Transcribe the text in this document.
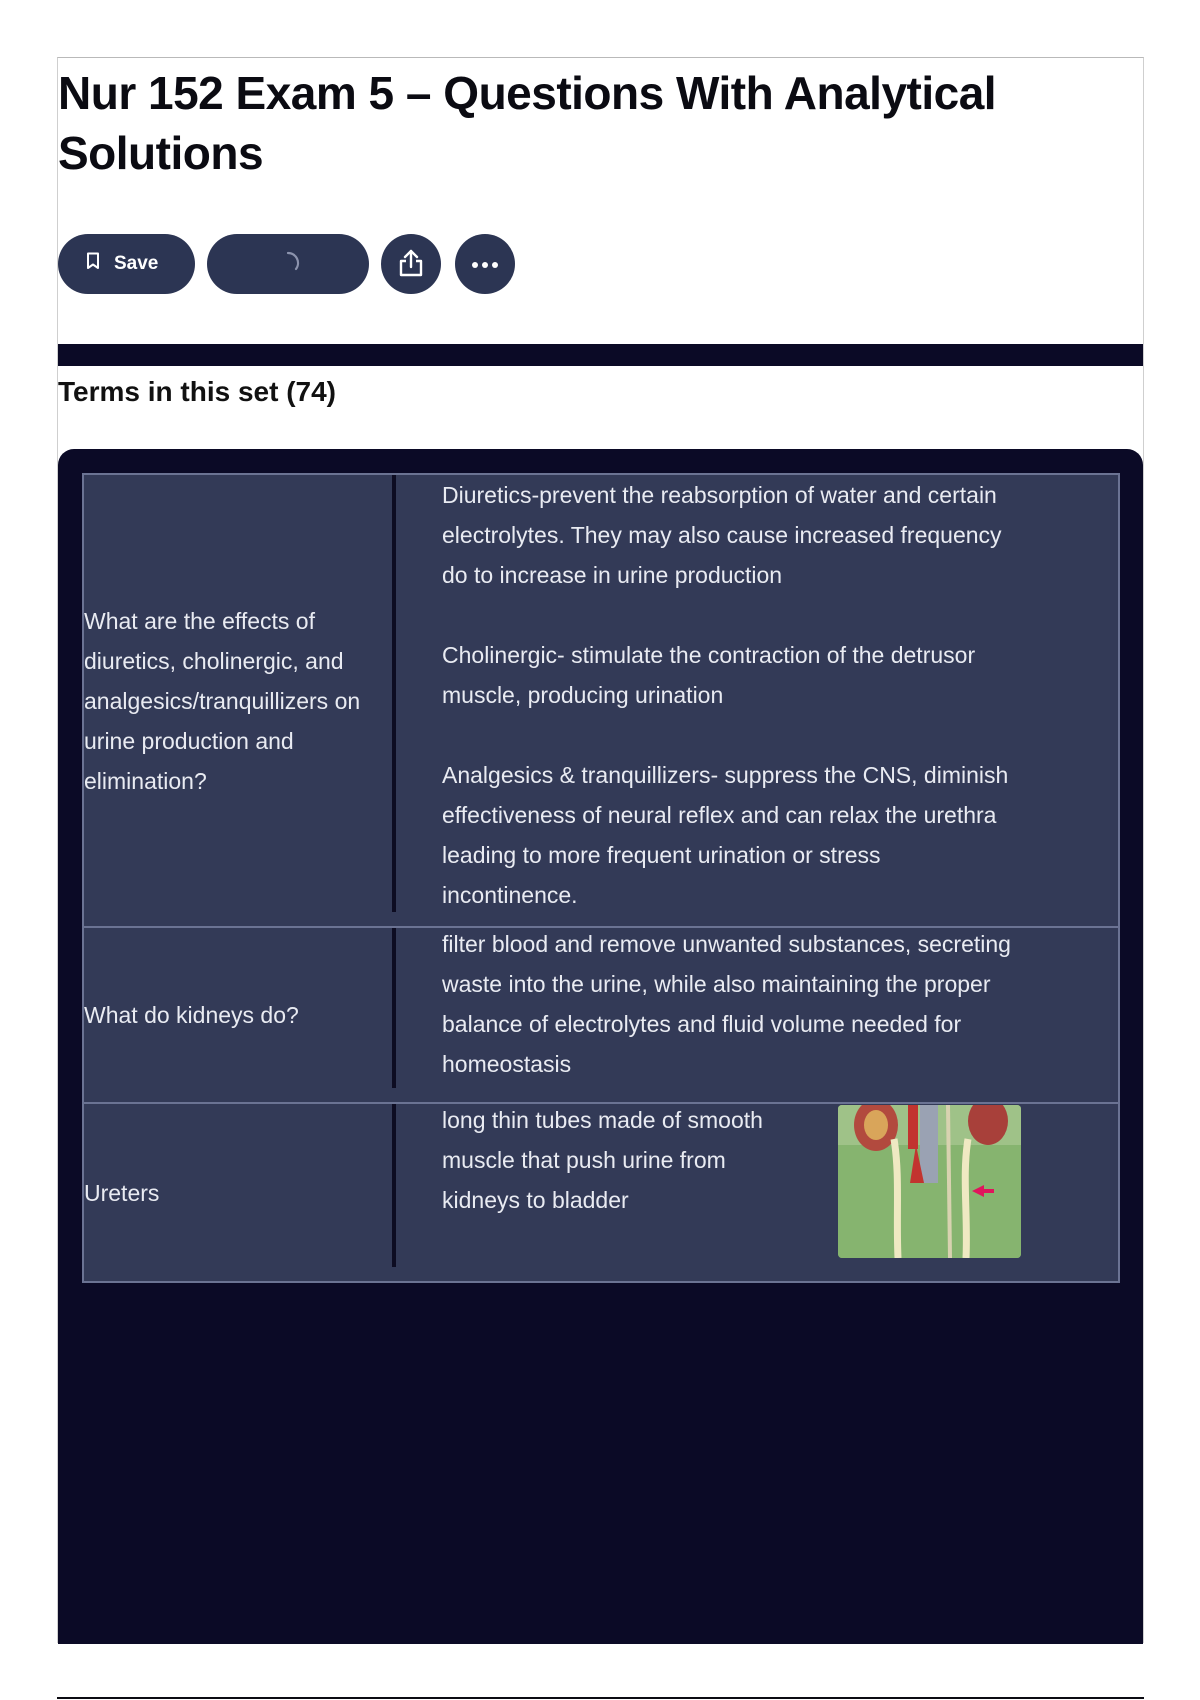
Nur 152 Exam 5 – Questions With Analytical Solutions
Save
Terms in this set (74)
What are the effects of diuretics, cholinergic, and analgesics/tranquillizers on urine production and elimination?
Diuretics-prevent the reabsorption of water and certain electrolytes. They may also cause increased frequency do to increase in urine production

Cholinergic- stimulate the contraction of the detrusor muscle, producing urination

Analgesics & tranquillizers- suppress the CNS, diminish effectiveness of neural reflex and can relax the urethra leading to more frequent urination or stress incontinence.
What do kidneys do?
filter blood and remove unwanted substances, secreting waste into the urine, while also maintaining the proper balance of electrolytes and fluid volume needed for homeostasis
Ureters
long thin tubes made of smooth muscle that push urine from kidneys to bladder
